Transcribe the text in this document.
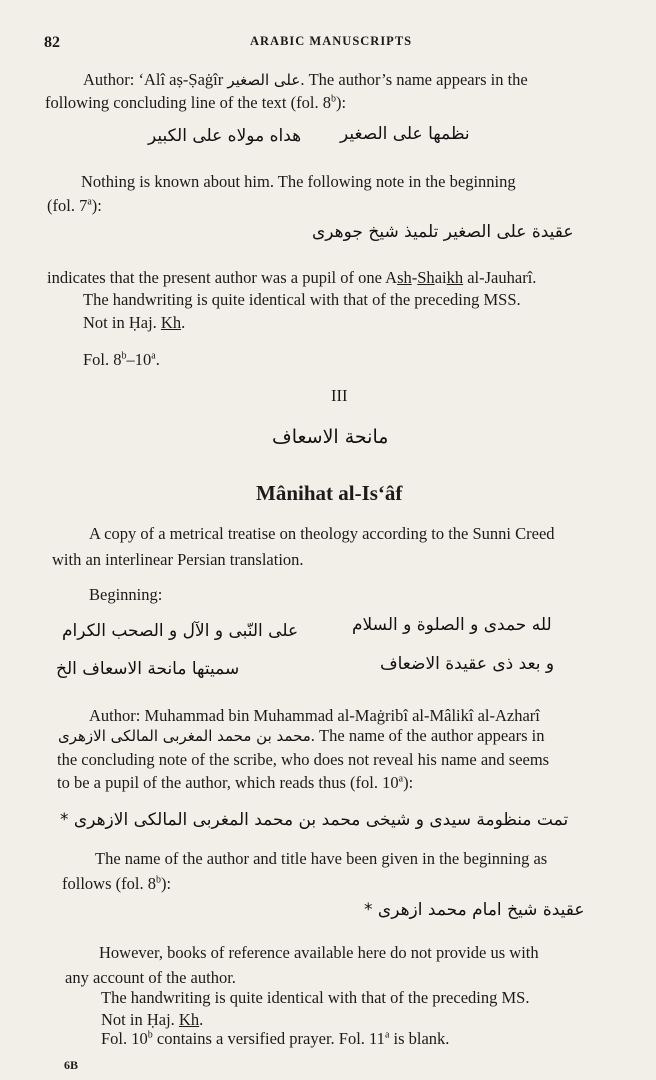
82	ARABIC MANUSCRIPTS
Author: ‘Alî aṣ-Ṣaġîr على الصغير. The author’s name appears in the
following concluding line of the text (fol. 8$^b$):
نظمها على الصغير
هداه مولاه على الكبير
Nothing is known about him. The following note in the beginning
(fol. 7$^a$):
عقيدة على الصغير تلميذ شيخ جوهرى
indicates that the present author was a pupil of one Ash-Shaikh al-Jauharî.
The handwriting is quite identical with that of the preceding MSS.
Not in Ḥaj. Kh.
Fol. 8$^b$–10$^a$.
III
مانحة الاسعاف
Mânihat al-Is‘âf
A copy of a metrical treatise on theology according to the Sunni Creed
with an interlinear Persian translation.
Beginning:
لله حمدى و الصلوة و السلام
على النّبى و الآل و الصحب الكرام
و بعد ذى عقيدة الاضعاف
سميتها مانحة الاسعاف الخ
Author: Muhammad bin Muhammad al-Maġribî al-Mâlikî al-Azharî
محمد بن محمد المغربى المالكى الازهرى. The name of the author appears in
the concluding note of the scribe, who does not reveal his name and seems
to be a pupil of the author, which reads thus (fol. 10$^a$):
تمت منظومة سيدى و شيخى محمد بن محمد المغربى المالكى الازهرى *
The name of the author and title have been given in the beginning as
follows (fol. 8$^b$):
عقيدة شيخ امام محمد ازهرى *
However, books of reference available here do not provide us with
any account of the author.
The handwriting is quite identical with that of the preceding MS.
Not in Ḥaj. Kh.
Fol. 10$^b$ contains a versified prayer. Fol. 11$^a$ is blank.
6B
